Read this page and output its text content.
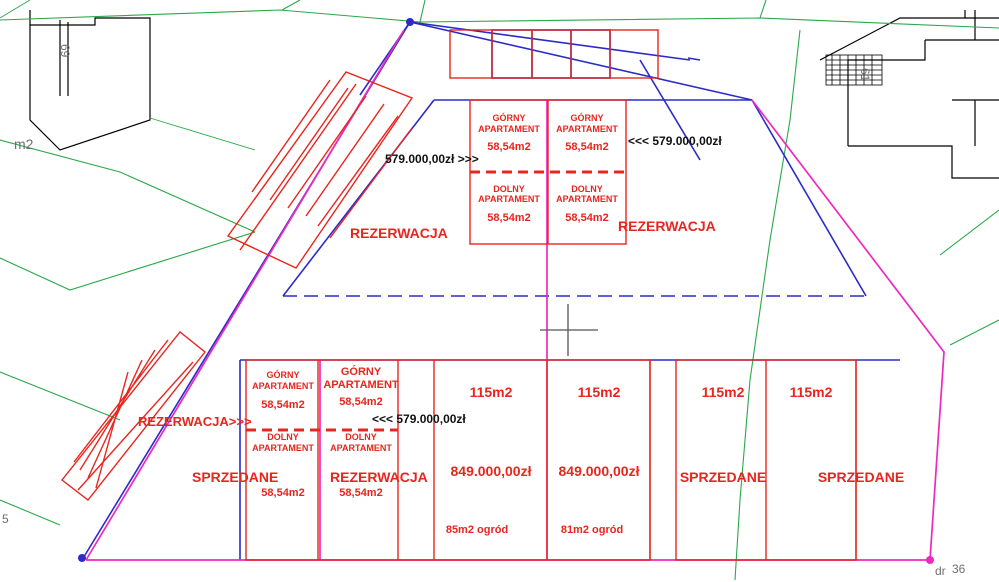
m2
69
61
5
36
dr
GÓRNY
APARTAMENT
58,54m2
GÓRNY
APARTAMENT
58,54m2
DOLNY
APARTAMENT
58,54m2
DOLNY
APARTAMENT
58,54m2
579.000,00zł >>>
<<< 579.000,00zł
REZERWACJA	REZERWACJA
REZERWACJA>>>
GÓRNY
APARTAMENT
58,54m2
GÓRNY
APARTAMENT
58,54m2
DOLNY
APARTAMENT
58,54m2
DOLNY
APARTAMENT
58,54m2
<<< 579.000,00zł
SPRZEDANE	REZERWACJA
115m2
849.000,00zł
85m2 ogród
115m2
849.000,00zł
81m2 ogród
115m2
SPRZEDANE
115m2
SPRZEDANE
